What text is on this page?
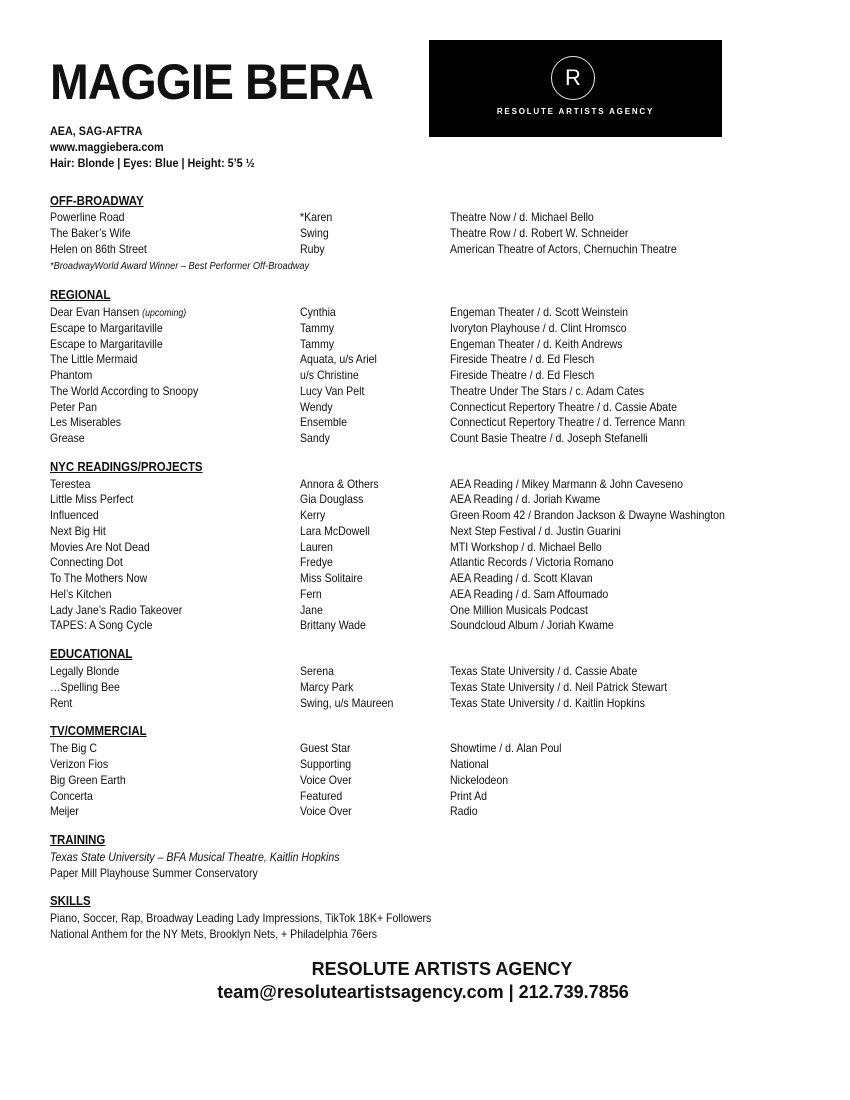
MAGGIE BERA	R
RESOLUTE ARTISTS AGENCY
AEA, SAG-AFTRA
www.maggiebera.com
Hair: Blonde | Eyes: Blue | Height: 5’5 ½
OFF-BROADWAY
Powerline Road	*Karen	Theatre Now / d. Michael Bello
The Baker’s Wife	Swing	Theatre Row / d. Robert W. Schneider
Helen on 86th Street	Ruby	American Theatre of Actors, Chernuchin Theatre
*BroadwayWorld Award Winner – Best Performer Off-Broadway
REGIONAL
Dear Evan Hansen (upcoming)	Cynthia	Engeman Theater / d. Scott Weinstein
Escape to Margaritaville	Tammy	Ivoryton Playhouse / d. Clint Hromsco
Escape to Margaritaville	Tammy	Engeman Theater / d. Keith Andrews
The Little Mermaid	Aquata, u/s Ariel	Fireside Theatre / d. Ed Flesch
Phantom	u/s Christine	Fireside Theatre / d. Ed Flesch
The World According to Snoopy	Lucy Van Pelt	Theatre Under The Stars / c. Adam Cates
Peter Pan	Wendy	Connecticut Repertory Theatre / d. Cassie Abate
Les Miserables	Ensemble	Connecticut Repertory Theatre / d. Terrence Mann
Grease	Sandy	Count Basie Theatre / d. Joseph Stefanelli
NYC READINGS/PROJECTS
Terestea	Annora & Others	AEA Reading / Mikey Marmann & John Caveseno
Little Miss Perfect	Gia Douglass	AEA Reading / d. Joriah Kwame
Influenced	Kerry	Green Room 42 / Brandon Jackson & Dwayne Washington
Next Big Hit	Lara McDowell	Next Step Festival / d. Justin Guarini
Movies Are Not Dead	Lauren	MTI Workshop / d. Michael Bello
Connecting Dot	Fredye	Atlantic Records / Victoria Romano
To The Mothers Now	Miss Solitaire	AEA Reading / d. Scott Klavan
Hel’s Kitchen	Fern	AEA Reading / d. Sam Affoumado
Lady Jane’s Radio Takeover	Jane	One Million Musicals Podcast
TAPES: A Song Cycle	Brittany Wade	Soundcloud Album / Joriah Kwame
EDUCATIONAL
Legally Blonde	Serena	Texas State University / d. Cassie Abate
…Spelling Bee	Marcy Park	Texas State University / d. Neil Patrick Stewart
Rent	Swing, u/s Maureen	Texas State University / d. Kaitlin Hopkins
TV/COMMERCIAL
The Big C	Guest Star	Showtime / d. Alan Poul
Verizon Fios	Supporting	National
Big Green Earth	Voice Over	Nickelodeon
Concerta	Featured	Print Ad
Meijer	Voice Over	Radio
TRAINING
Texas State University – BFA Musical Theatre, Kaitlin Hopkins
Paper Mill Playhouse Summer Conservatory
SKILLS
Piano, Soccer, Rap, Broadway Leading Lady Impressions, TikTok 18K+ Followers
National Anthem for the NY Mets, Brooklyn Nets, + Philadelphia 76ers
RESOLUTE ARTISTS AGENCY
team@resoluteartistsagency.com | 212.739.7856
